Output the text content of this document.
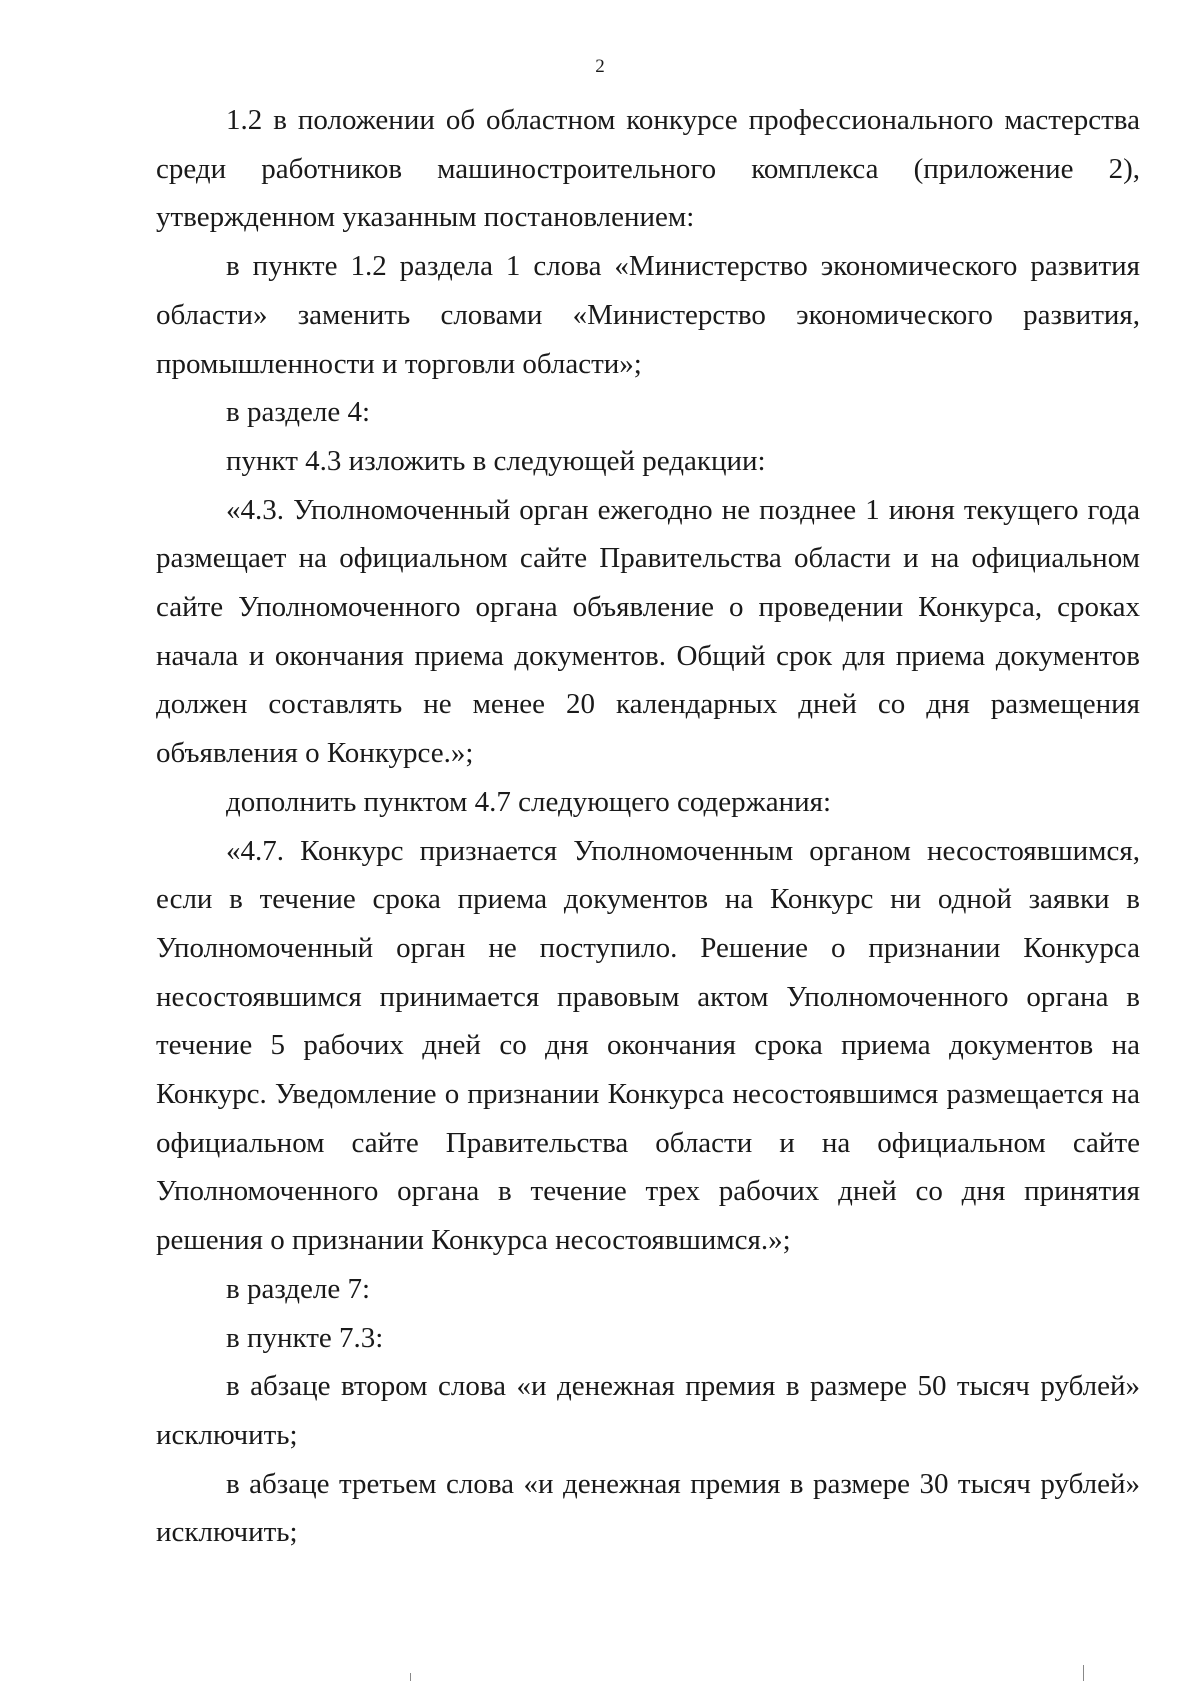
2

1.2 в положении об областном конкурсе профессионального мастерства среди работников машиностроительного комплекса (приложение 2), утвержденном указанным постановлением:

в пункте 1.2 раздела 1 слова «Министерство экономического развития области» заменить словами «Министерство экономического развития, промышленности и торговли области»;

в разделе 4:

пункт 4.3 изложить в следующей редакции:

«4.3. Уполномоченный орган ежегодно не позднее 1 июня текущего года размещает на официальном сайте Правительства области и на официальном сайте Уполномоченного органа объявление о проведении Конкурса, сроках начала и окончания приема документов. Общий срок для приема документов должен составлять не менее 20 календарных дней со дня размещения объявления о Конкурсе.»;

дополнить пунктом 4.7 следующего содержания:

«4.7. Конкурс признается Уполномоченным органом несостоявшимся, если в течение срока приема документов на Конкурс ни одной заявки в Уполномоченный орган не поступило. Решение о признании Конкурса несостоявшимся принимается правовым актом Уполномоченного органа в течение 5 рабочих дней со дня окончания срока приема документов на Конкурс. Уведомление о признании Конкурса несостоявшимся размещается на официальном сайте Правительства области и на официальном сайте Уполномоченного органа в течение трех рабочих дней со дня принятия решения о признании Конкурса несостоявшимся.»;

в разделе 7:

в пункте 7.3:

в абзаце втором слова «и денежная премия в размере 50 тысяч рублей» исключить;

в абзаце третьем слова «и денежная премия в размере 30 тысяч рублей» исключить;
